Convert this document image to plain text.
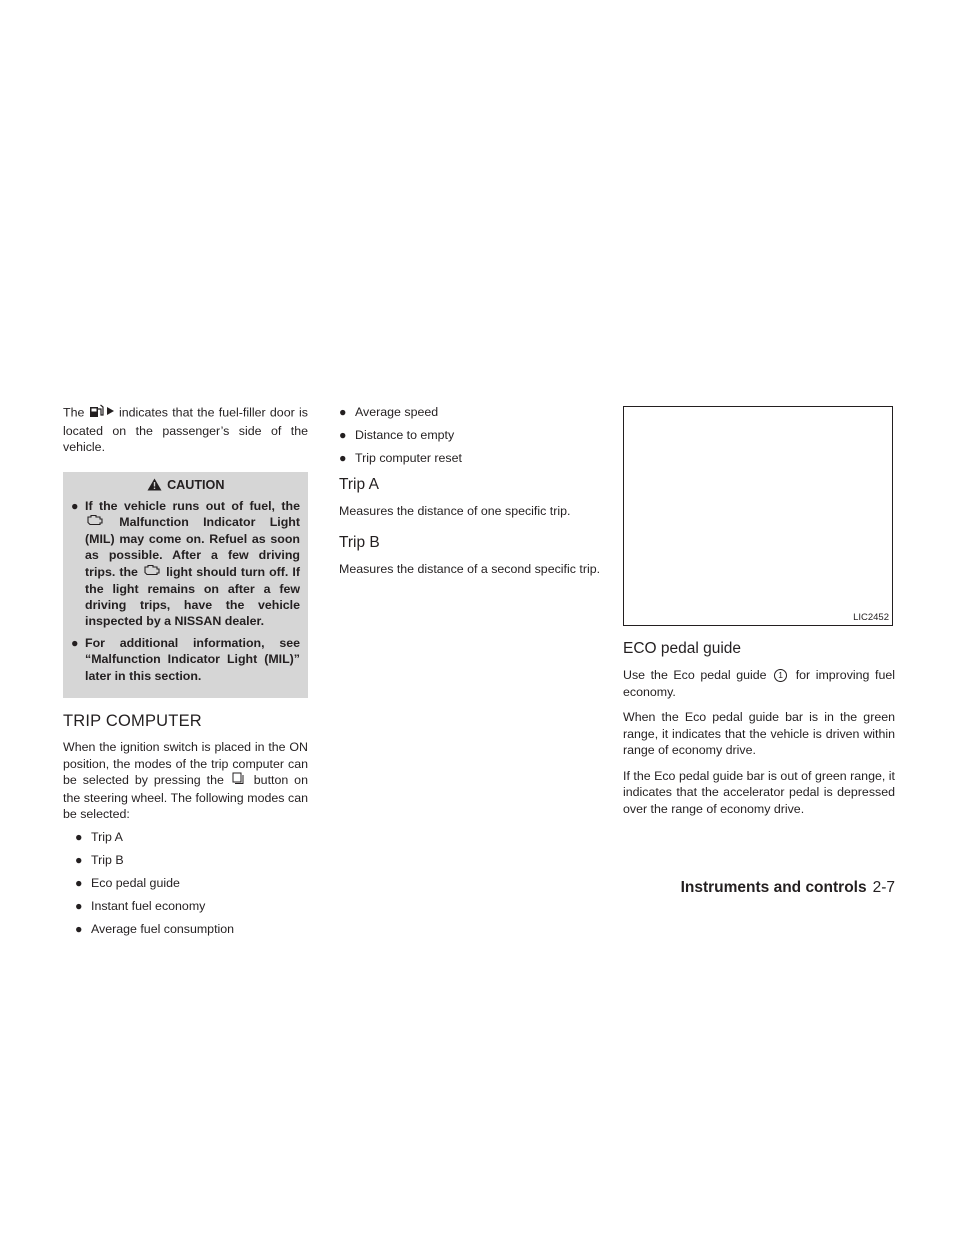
The	indicates that the fuel-filler door is located on the passenger’s side of the vehicle.

CAUTION
● If the vehicle runs out of fuel, the  Malfunction Indicator Light (MIL) may come on. Refuel as soon as possible. After a few driving trips. the light should turn off. If the light remains on after a few driving trips, have the vehicle inspected by a NISSAN dealer.
● For additional information, see “Malfunction Indicator Light (MIL)” later in this section.
TRIP COMPUTER

When the ignition switch is placed in the ON position, the modes of the trip computer can be selected by pressing the button on the steering wheel. The following modes can be selected:

● Trip A
● Trip B
● Eco pedal guide
● Instant fuel economy
● Average fuel consumption
● Average speed
● Distance to empty
● Trip computer reset
Trip A

Measures the distance of one specific trip.

Trip B

Measures the distance of a second specific trip.

LIC2452
ECO pedal guide

Use the Eco pedal guide 1 for improving fuel economy.

When the Eco pedal guide bar is in the green range, it indicates that the vehicle is driven within range of economy drive.

If the Eco pedal guide bar is out of green range, it indicates that the accelerator pedal is depressed over the range of economy drive.

Instruments and controls 2-7
